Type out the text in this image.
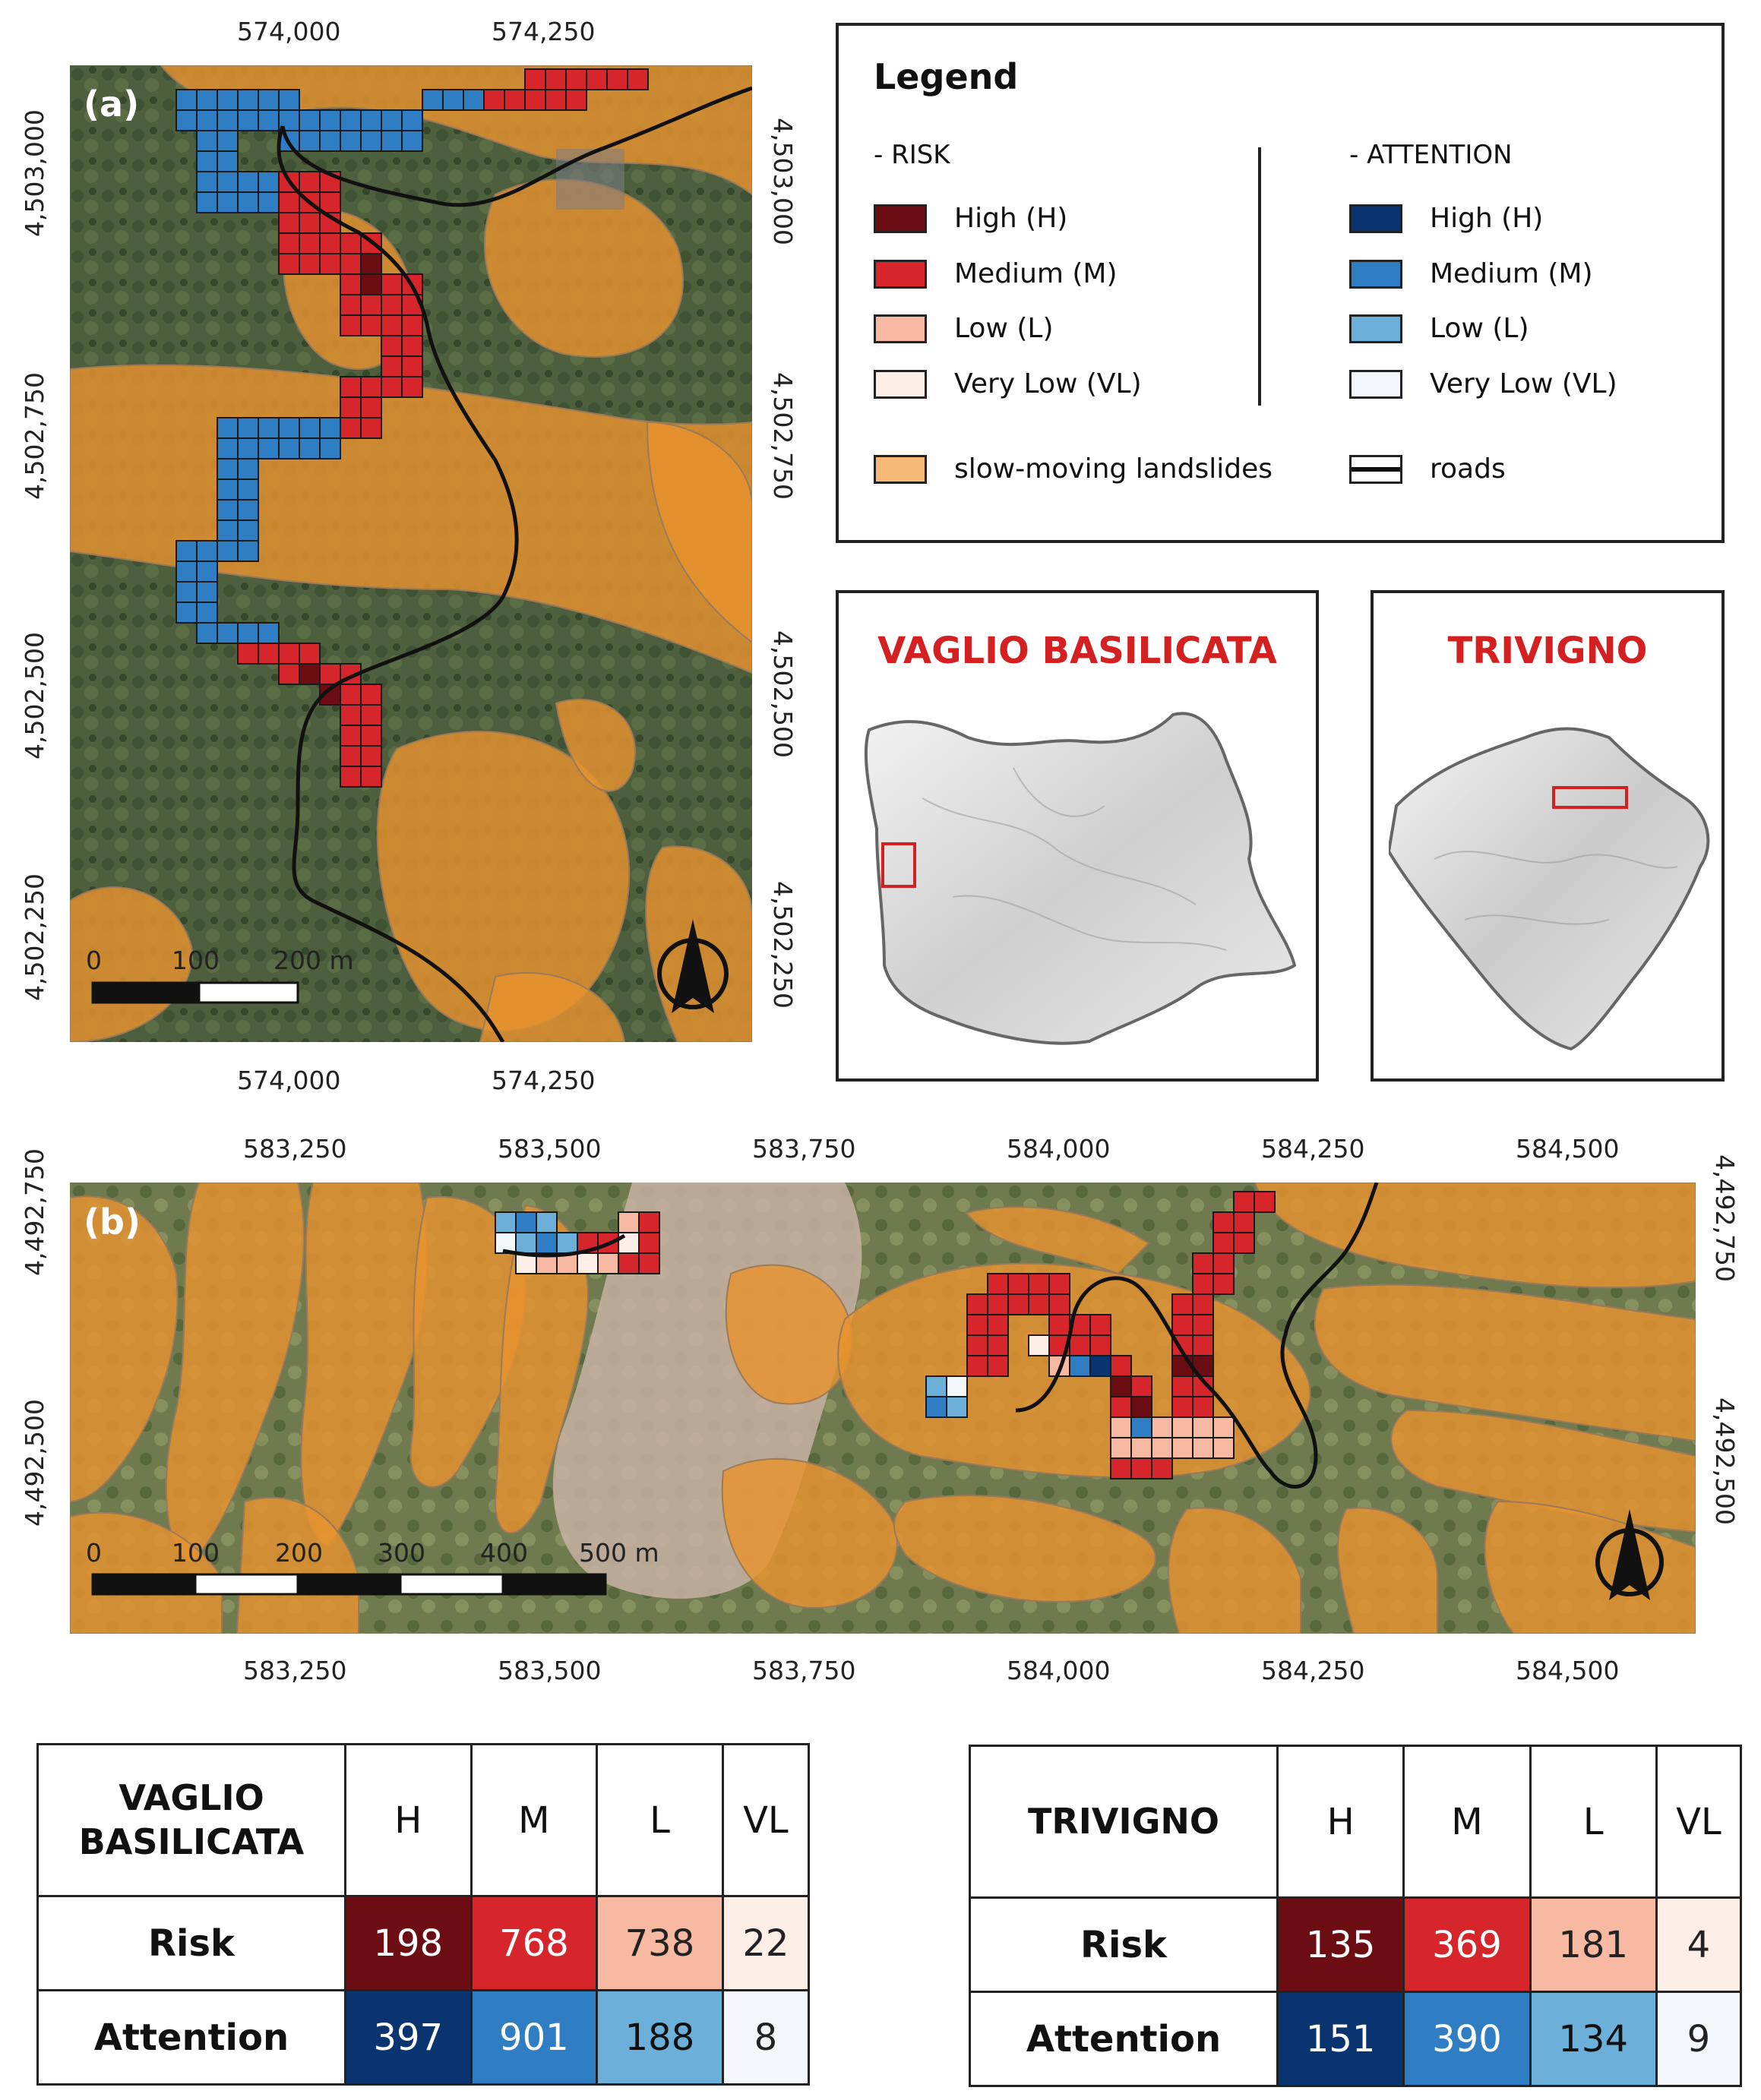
574,000	574,250
574,000	574,250
4,503,000
4,502,750
4,502,500
4,502,250
4,503,000
4,502,750
4,502,500
4,502,250
(a)
0	100 200 m
Legend
- RISK	- ATTENTION
High (H)
Medium (M)
Low (L)
Very Low (VL)
High (H)
Medium (M)
Low (L)
Very Low (VL)
slow-moving landslides	roads
VAGLIO BASILICATA	TRIVIGNO
583,250	583,500	583,750	584,000	584,250	584,500
583,250	583,500	583,750	584,000	584,250	584,500
4,492,750
4,492,500
4,492,750
4,492,500
(b)
0	100 200 300 400 500 m
VAGLIO
BASILICATA	H	M	L	VL
Risk	198	768	738	22
Attention	397	901	188	8
TRIVIGNO	H	M	L	VL
Risk	135	369	181	4
Attention	151	390	134	9
